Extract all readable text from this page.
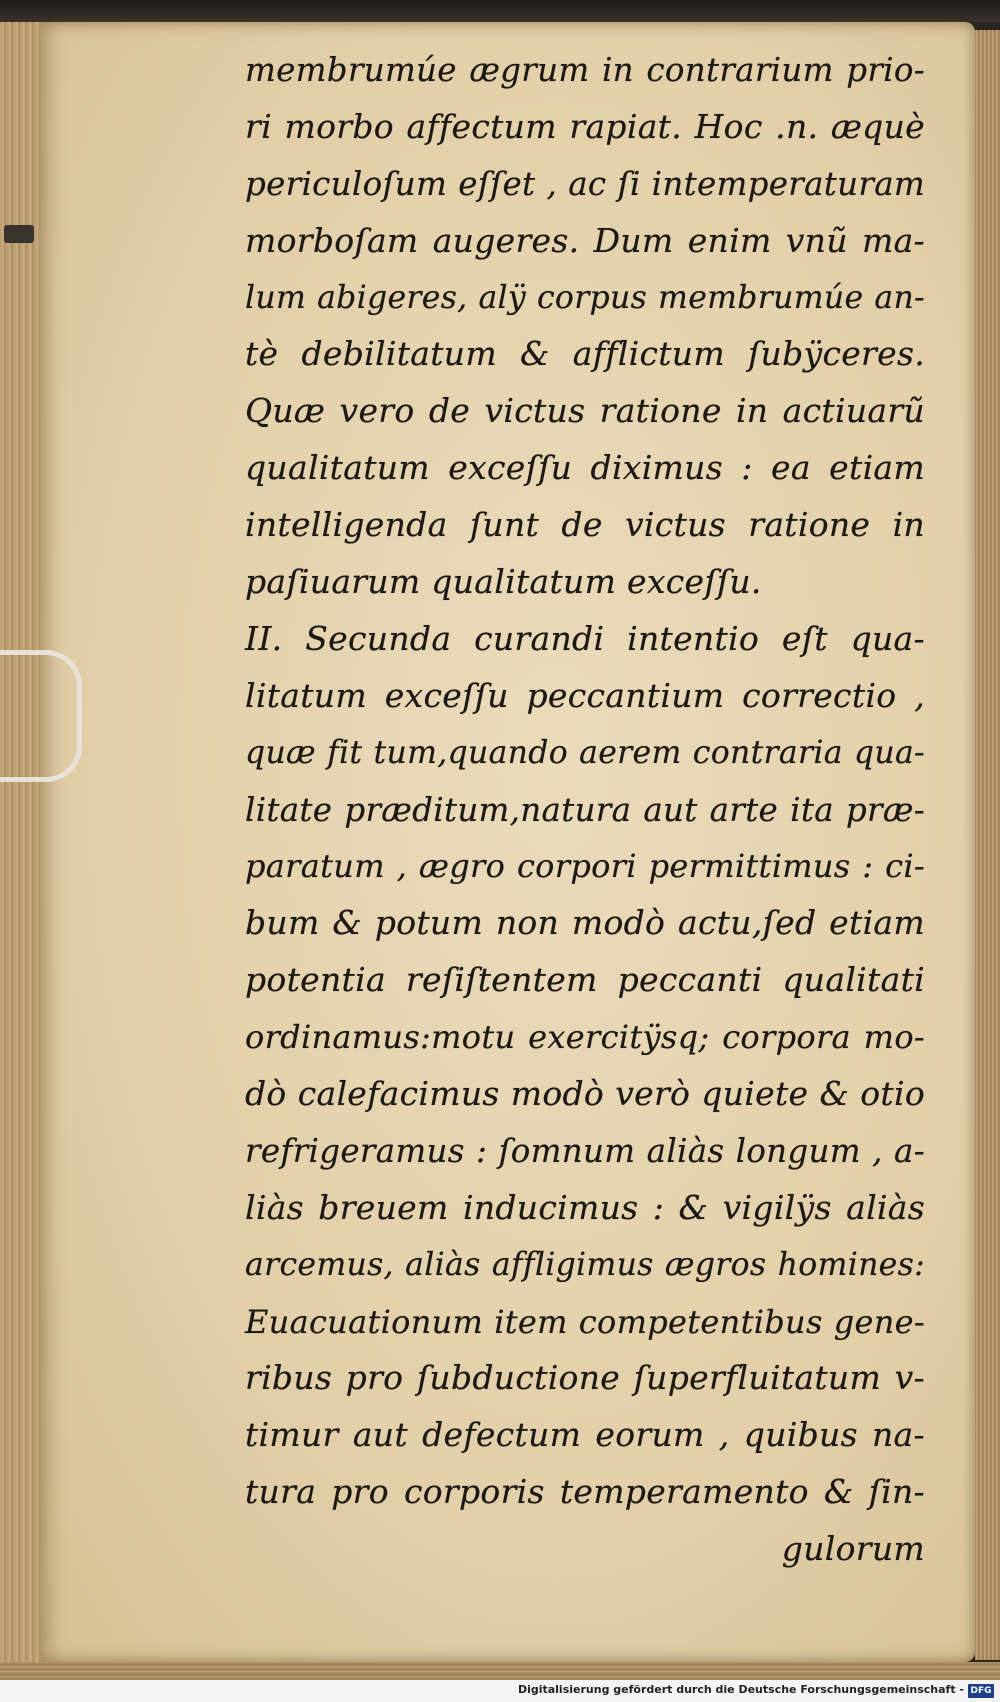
membrumúe ægrum in contrarium prio-
ri morbo affectum rapiat. Hoc .n. æquè
periculoſum eſſet , ac ſi intemperaturam
morboſam augeres. Dum enim vnũ ma-
lum abigeres, alÿ corpus membrumúe an-
tè debilitatum & afflictum ſubÿceres.
Quæ vero de victus ratione in actiuarũ
qualitatum exceſſu diximus : ea etiam
intelligenda ſunt de victus ratione in
paſiuarum qualitatum exceſſu.
II. Secunda curandi intentio eſt qua-
litatum exceſſu peccantium correctio ,
quæ fit tum,quando aerem contraria qua-
litate præditum,natura aut arte ita præ-
paratum , ægro corpori permittimus : ci-
bum & potum non modò actu,ſed etiam
potentia reſiſtentem peccanti qualitati
ordinamus:motu exercitÿsq; corpora mo-
dò calefacimus modò verò quiete & otio
refrigeramus : ſomnum aliàs longum , a-
liàs breuem inducimus : & vigilÿs aliàs
arcemus, aliàs affligimus ægros homines:
Euacuationum item competentibus gene-
ribus pro ſubductione ſuperfluitatum v-
timur aut defectum eorum , quibus na-
tura pro corporis temperamento & ſin-
gulorum
Digitalisierung gefördert durch die Deutsche Forschungsgemeinschaft - DFG
